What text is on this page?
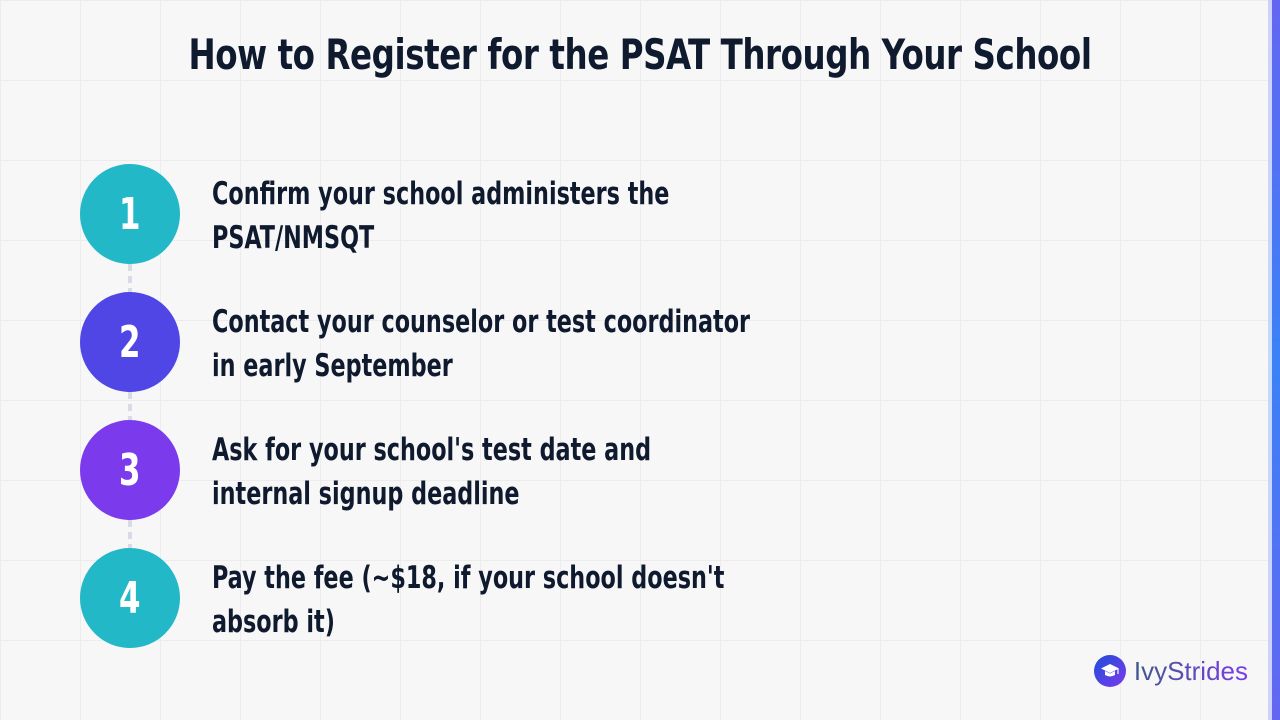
How to Register for the PSAT Through Your School
1 Confirm your school administers the
PSAT/NMSQT
2 Contact your counselor or test coordinator
in early September
3 Ask for your school's test date and
internal signup deadline
4 Pay the fee (~$18, if your school doesn't
absorb it)
IvyStrides
